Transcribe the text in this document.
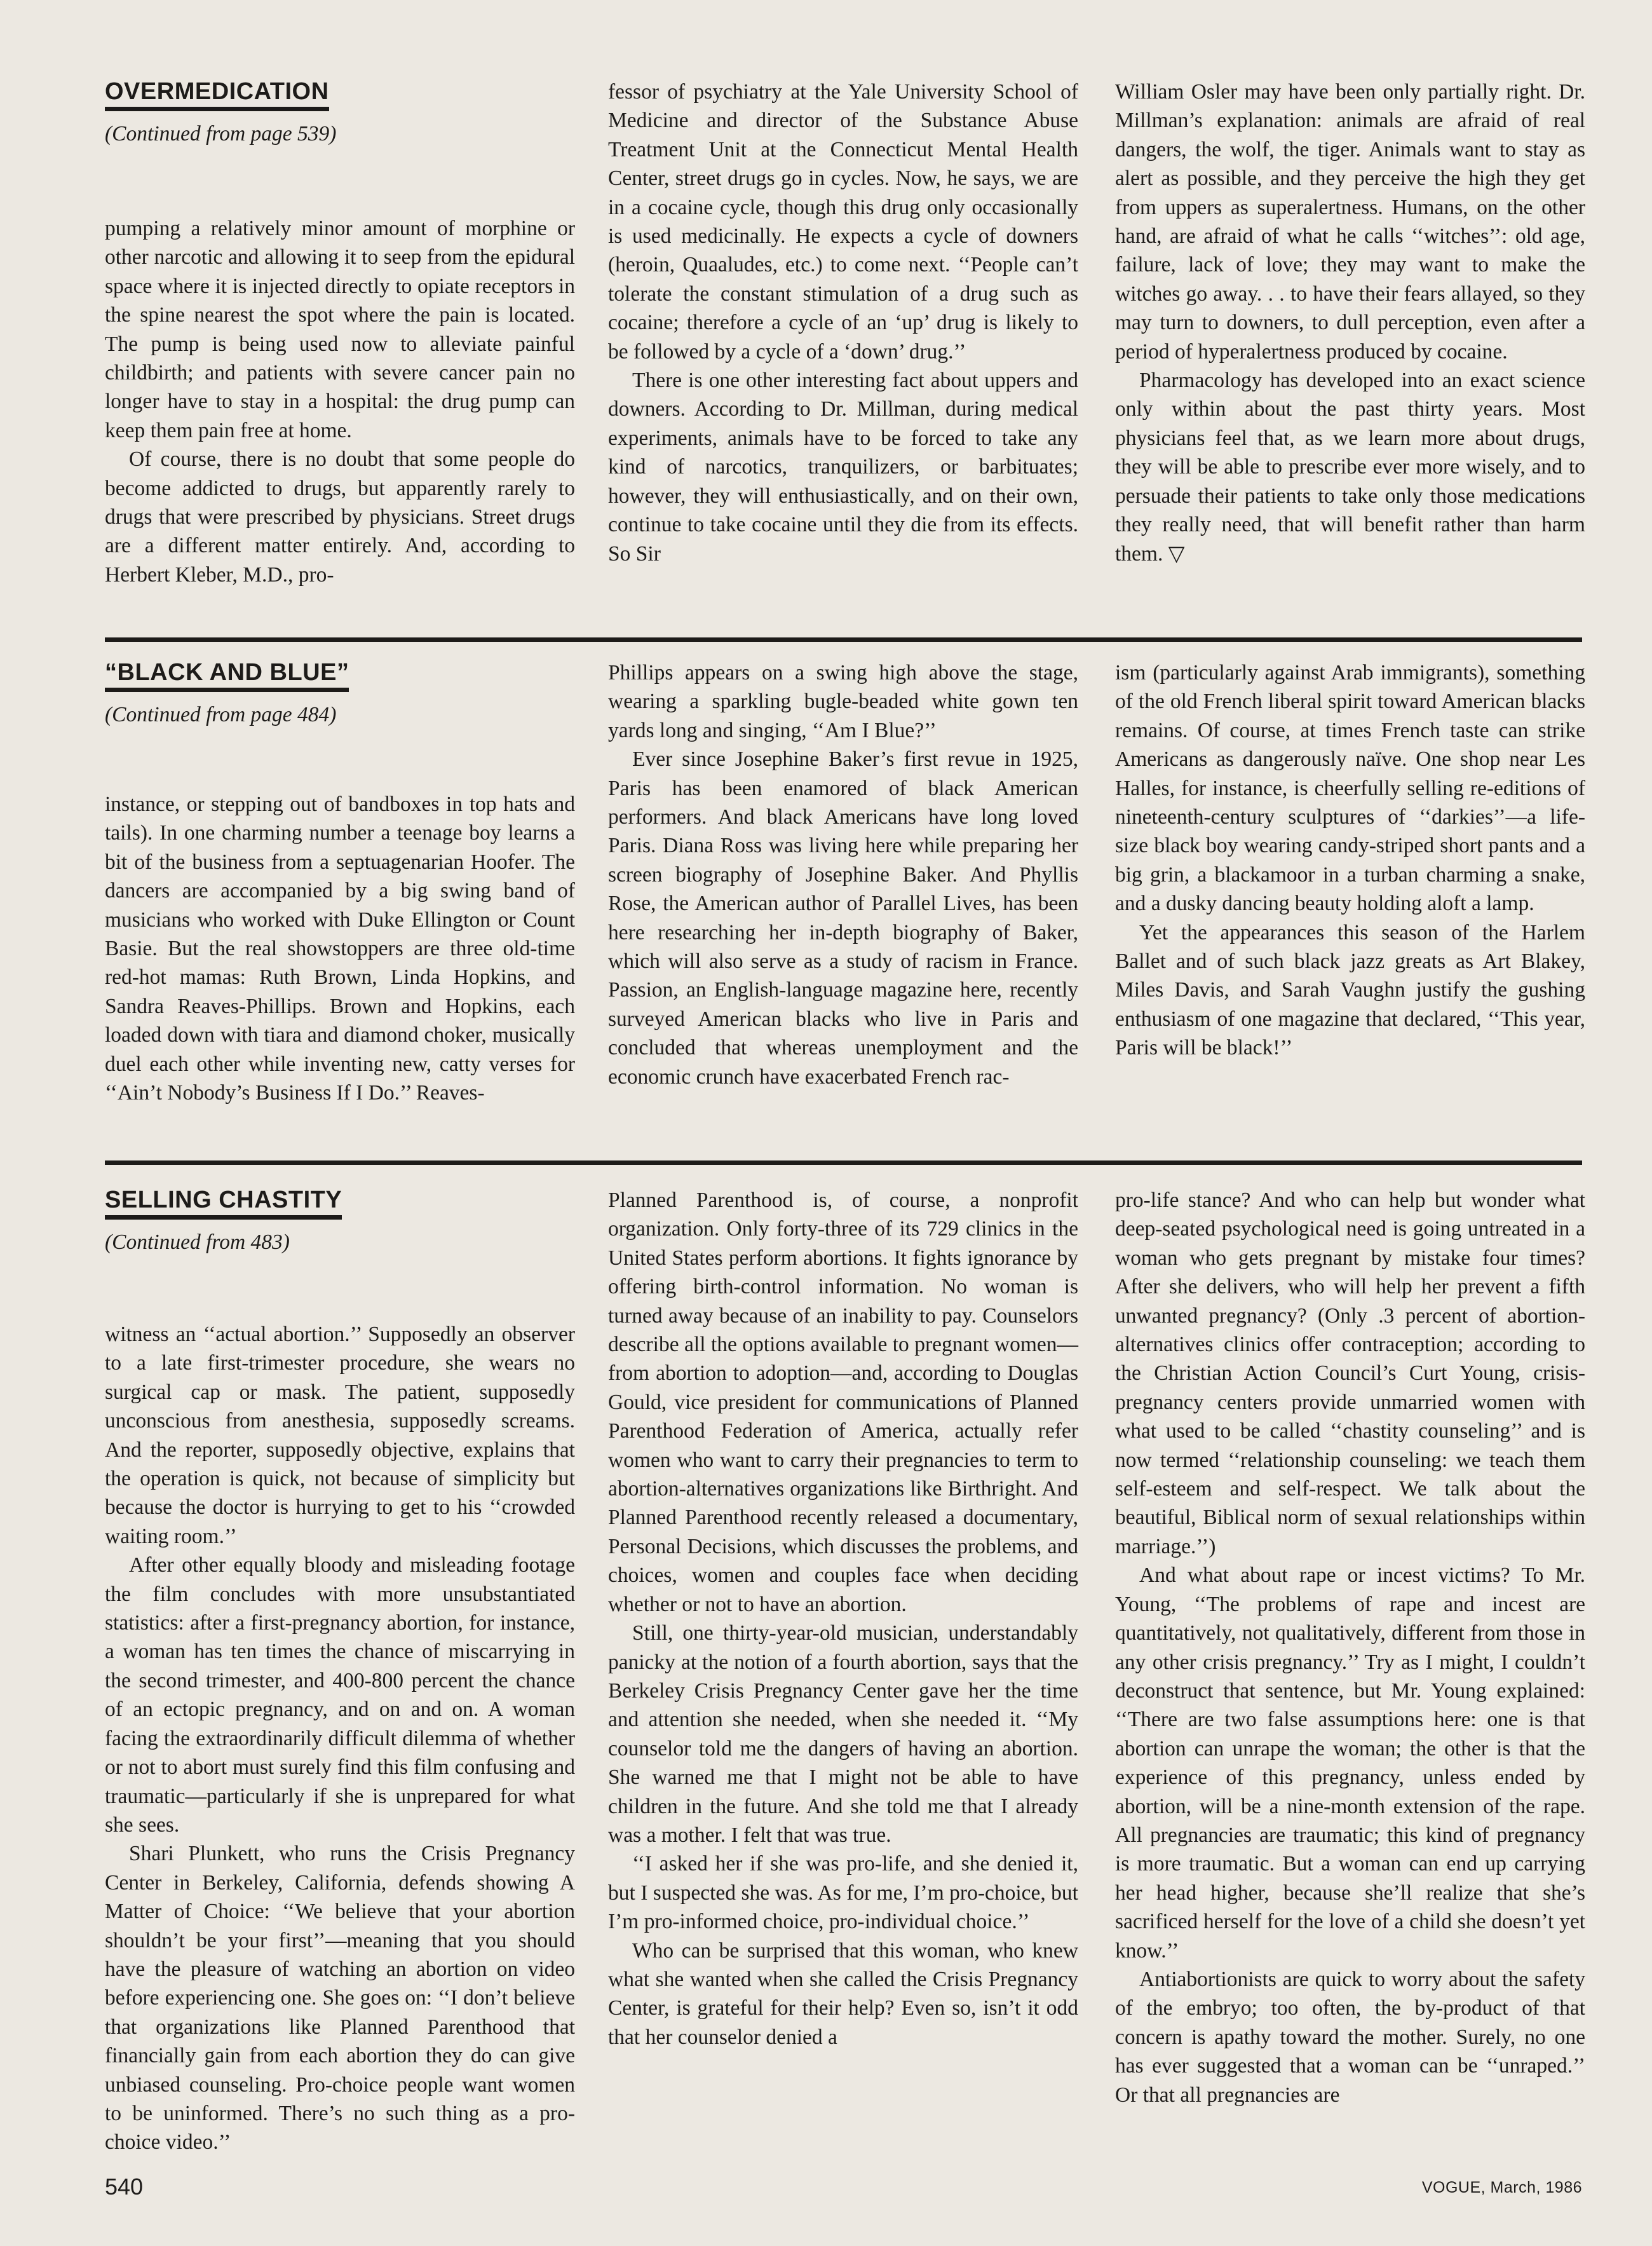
OVERMEDICATION
(Continued from page 539)

pumping a relatively minor amount of morphine or other narcotic and allowing it to seep from the epidural space where it is injected directly to opiate receptors in the spine nearest the spot where the pain is located. The pump is being used now to alleviate painful childbirth; and patients with severe cancer pain no longer have to stay in a hospital: the drug pump can keep them pain free at home.

Of course, there is no doubt that some people do become addicted to drugs, but apparently rarely to drugs that were prescribed by physicians. Street drugs are a different matter entirely. And, according to Herbert Kleber, M.D., pro-

fessor of psychiatry at the Yale University School of Medicine and director of the Substance Abuse Treatment Unit at the Connecticut Mental Health Center, street drugs go in cycles. Now, he says, we are in a cocaine cycle, though this drug only occasionally is used medicinally. He expects a cycle of downers (heroin, Quaaludes, etc.) to come next. ‘‘People can’t tolerate the constant stimulation of a drug such as cocaine; therefore a cycle of an ‘up’ drug is likely to be followed by a cycle of a ‘down’ drug.’’

There is one other interesting fact about uppers and downers. According to Dr. Millman, during medical experiments, animals have to be forced to take any kind of narcotics, tranquilizers, or barbituates; however, they will enthusiastically, and on their own, continue to take cocaine until they die from its effects. So Sir

William Osler may have been only partially right. Dr. Millman’s explanation: animals are afraid of real dangers, the wolf, the tiger. Animals want to stay as alert as possible, and they perceive the high they get from uppers as superalertness. Humans, on the other hand, are afraid of what he calls ‘‘witches’’: old age, failure, lack of love; they may want to make the witches go away. . . to have their fears allayed, so they may turn to downers, to dull perception, even after a period of hyperalertness produced by cocaine.

Pharmacology has developed into an exact science only within about the past thirty years. Most physicians feel that, as we learn more about drugs, they will be able to prescribe ever more wisely, and to persuade their patients to take only those medications they really need, that will benefit rather than harm them. ▽

“BLACK AND BLUE”
(Continued from page 484)

instance, or stepping out of bandboxes in top hats and tails). In one charming number a teenage boy learns a bit of the business from a septuagenarian Hoofer. The dancers are accompanied by a big swing band of musicians who worked with Duke Ellington or Count Basie. But the real showstoppers are three old-time red-hot mamas: Ruth Brown, Linda Hopkins, and Sandra Reaves-Phillips. Brown and Hopkins, each loaded down with tiara and diamond choker, musically duel each other while inventing new, catty verses for ‘‘Ain’t Nobody’s Business If I Do.’’ Reaves-

Phillips appears on a swing high above the stage, wearing a sparkling bugle-beaded white gown ten yards long and singing, ‘‘Am I Blue?’’

Ever since Josephine Baker’s first revue in 1925, Paris has been enamored of black American performers. And black Americans have long loved Paris. Diana Ross was living here while preparing her screen biography of Josephine Baker. And Phyllis Rose, the American author of Parallel Lives, has been here researching her in-depth biography of Baker, which will also serve as a study of racism in France. Passion, an English-language magazine here, recently surveyed American blacks who live in Paris and concluded that whereas unemployment and the economic crunch have exacerbated French rac-

ism (particularly against Arab immigrants), something of the old French liberal spirit toward American blacks remains. Of course, at times French taste can strike Americans as dangerously naïve. One shop near Les Halles, for instance, is cheerfully selling re-editions of nineteenth-century sculptures of ‘‘darkies’’—a life-size black boy wearing candy-striped short pants and a big grin, a blackamoor in a turban charming a snake, and a dusky dancing beauty holding aloft a lamp.

Yet the appearances this season of the Harlem Ballet and of such black jazz greats as Art Blakey, Miles Davis, and Sarah Vaughn justify the gushing enthusiasm of one magazine that declared, ‘‘This year, Paris will be black!’’

SELLING CHASTITY
(Continued from 483)

witness an ‘‘actual abortion.’’ Supposedly an observer to a late first-trimester procedure, she wears no surgical cap or mask. The patient, supposedly unconscious from anesthesia, supposedly screams. And the reporter, supposedly objective, explains that the operation is quick, not because of simplicity but because the doctor is hurrying to get to his ‘‘crowded waiting room.’’

After other equally bloody and misleading footage the film concludes with more unsubstantiated statistics: after a first-pregnancy abortion, for instance, a woman has ten times the chance of miscarrying in the second trimester, and 400-800 percent the chance of an ectopic pregnancy, and on and on. A woman facing the extraordinarily difficult dilemma of whether or not to abort must surely find this film confusing and traumatic—particularly if she is unprepared for what she sees.

Shari Plunkett, who runs the Crisis Pregnancy Center in Berkeley, California, defends showing A Matter of Choice: ‘‘We believe that your abortion shouldn’t be your first’’—meaning that you should have the pleasure of watching an abortion on video before experiencing one. She goes on: ‘‘I don’t believe that organizations like Planned Parenthood that financially gain from each abortion they do can give unbiased counseling. Pro-choice people want women to be uninformed. There’s no such thing as a pro-choice video.’’

Planned Parenthood is, of course, a nonprofit organization. Only forty-three of its 729 clinics in the United States perform abortions. It fights ignorance by offering birth-control information. No woman is turned away because of an inability to pay. Counselors describe all the options available to pregnant women—from abortion to adoption—and, according to Douglas Gould, vice president for communications of Planned Parenthood Federation of America, actually refer women who want to carry their pregnancies to term to abortion-alternatives organizations like Birthright. And Planned Parenthood recently released a documentary, Personal Decisions, which discusses the problems, and choices, women and couples face when deciding whether or not to have an abortion.

Still, one thirty-year-old musician, understandably panicky at the notion of a fourth abortion, says that the Berkeley Crisis Pregnancy Center gave her the time and attention she needed, when she needed it. ‘‘My counselor told me the dangers of having an abortion. She warned me that I might not be able to have children in the future. And she told me that I already was a mother. I felt that was true.

‘‘I asked her if she was pro-life, and she denied it, but I suspected she was. As for me, I’m pro-choice, but I’m pro-informed choice, pro-individual choice.’’

Who can be surprised that this woman, who knew what she wanted when she called the Crisis Pregnancy Center, is grateful for their help? Even so, isn’t it odd that her counselor denied a

pro-life stance? And who can help but wonder what deep-seated psychological need is going untreated in a woman who gets pregnant by mistake four times? After she delivers, who will help her prevent a fifth unwanted pregnancy? (Only .3 percent of abortion-alternatives clinics offer contraception; according to the Christian Action Council’s Curt Young, crisis-pregnancy centers provide unmarried women with what used to be called ‘‘chastity counseling’’ and is now termed ‘‘relationship counseling: we teach them self-esteem and self-respect. We talk about the beautiful, Biblical norm of sexual relationships within marriage.’’)

And what about rape or incest victims? To Mr. Young, ‘‘The problems of rape and incest are quantitatively, not qualitatively, different from those in any other crisis pregnancy.’’ Try as I might, I couldn’t deconstruct that sentence, but Mr. Young explained: ‘‘There are two false assumptions here: one is that abortion can unrape the woman; the other is that the experience of this pregnancy, unless ended by abortion, will be a nine-month extension of the rape. All pregnancies are traumatic; this kind of pregnancy is more traumatic. But a woman can end up carrying her head higher, because she’ll realize that she’s sacrificed herself for the love of a child she doesn’t yet know.’’

Antiabortionists are quick to worry about the safety of the embryo; too often, the by-product of that concern is apathy toward the mother. Surely, no one has ever suggested that a woman can be ‘‘unraped.’’ Or that all pregnancies are

540	VOGUE, March, 1986
